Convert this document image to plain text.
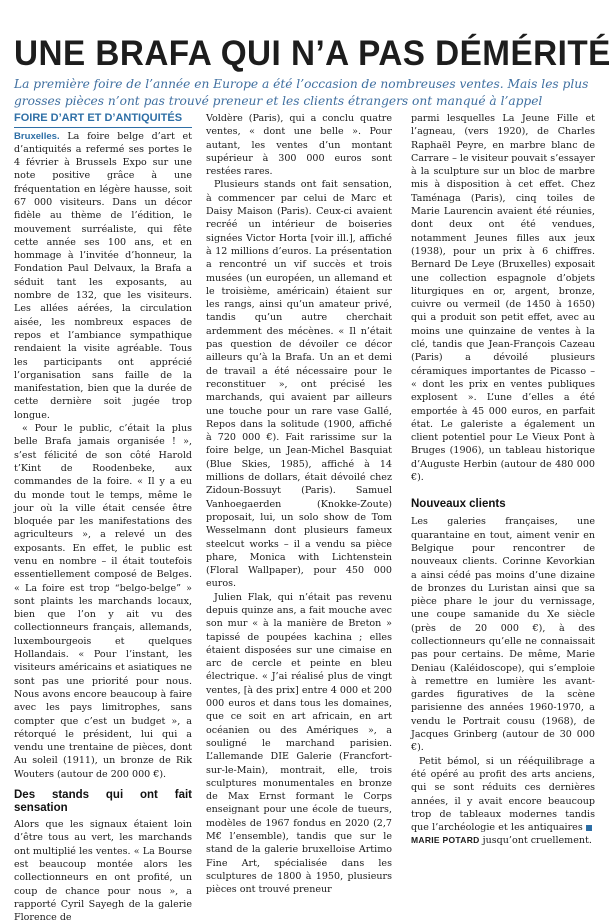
UNE BRAFA QUI N’A PAS DÉMÉRITÉ

La première foire de l’année en Europe a été l’occasion de nombreuses ventes. Mais les plus grosses pièces n’ont pas trouvé preneur et les clients étrangers ont manqué à l’appel

FOIRE D’ART ET D’ANTIQUITÉS

Bruxelles. La foire belge d’art et d’antiquités a refermé ses portes le 4 février à Brussels Expo sur une note positive grâce à une fréquentation en légère hausse, soit 67 000 visiteurs. Dans un décor fidèle au thème de l’édition, le mouvement surréaliste, qui fête cette année ses 100 ans, et en hommage à l’invitée d’honneur, la Fondation Paul Delvaux, la Brafa a séduit tant les exposants, au nombre de 132, que les visiteurs. Les allées aérées, la circulation aisée, les nombreux espaces de repos et l’ambiance sympathique rendaient la visite agréable. Tous les participants ont apprécié l’organisation sans faille de la manifestation, bien que la durée de cette dernière soit jugée trop longue.

« Pour le public, c’était la plus belle Brafa jamais organisée ! », s’est félicité de son côté Harold t’Kint de Roodenbeke, aux commandes de la foire. « Il y a eu du monde tout le temps, même le jour où la ville était censée être bloquée par les manifestations des agriculteurs », a relevé un des exposants. En effet, le public est venu en nombre – il était toutefois essentiellement composé de Belges. « La foire est trop “belgo-belge” » sont plaints les marchands locaux, bien que l’on y ait vu des collectionneurs français, allemands, luxembourgeois et quelques Hollandais. « Pour l’instant, les visiteurs américains et asiatiques ne sont pas une priorité pour nous. Nous avons encore beaucoup à faire avec les pays limitrophes, sans compter que c’est un budget », a rétorqué le président, lui qui a vendu une trentaine de pièces, dont Au soleil (1911), un bronze de Rik Wouters (autour de 200 000 €).

Des stands qui ont fait sensation

Alors que les signaux étaient loin d’être tous au vert, les marchands ont multiplié les ventes. « La Bourse est beaucoup montée alors les collectionneurs en ont profité, un coup de chance pour nous », a rapporté Cyril Sayegh de la galerie Florence de

Voldère (Paris), qui a conclu quatre ventes, « dont une belle ». Pour autant, les ventes d’un montant supérieur à 300 000 euros sont restées rares.

Plusieurs stands ont fait sensation, à commencer par celui de Marc et Daisy Maison (Paris). Ceux-ci avaient recréé un intérieur de boiseries signées Victor Horta [voir ill.], affiché à 12 millions d’euros. La présentation a rencontré un vif succès et trois musées (un européen, un allemand et le troisième, américain) étaient sur les rangs, ainsi qu’un amateur privé, tandis qu’un autre cherchait ardemment des mécènes. « Il n’était pas question de dévoiler ce décor ailleurs qu’à la Brafa. Un an et demi de travail a été nécessaire pour le reconstituer », ont précisé les marchands, qui avaient par ailleurs une touche pour un rare vase Gallé, Repos dans la solitude (1900, affiché à 720 000 €). Fait rarissime sur la foire belge, un Jean-Michel Basquiat (Blue Skies, 1985), affiché à 14 millions de dollars, était dévoilé chez Zidoun-Bossuyt (Paris). Samuel Vanhoegaerden (Knokke-Zoute) proposait, lui, un solo show de Tom Wesselmann dont plusieurs fameux steelcut works – il a vendu sa pièce phare, Monica with Lichtenstein (Floral Wallpaper), pour 450 000 euros.

Julien Flak, qui n’était pas revenu depuis quinze ans, a fait mouche avec son mur « à la manière de Breton » tapissé de poupées kachina ; elles étaient disposées sur une cimaise en arc de cercle et peinte en bleu électrique. « J’ai réalisé plus de vingt ventes, [à des prix] entre 4 000 et 200 000 euros et dans tous les domaines, que ce soit en art africain, en art océanien ou des Amériques », a souligné le marchand parisien. L’allemande DIE Galerie (Francfort-sur-le-Main), montrait, elle, trois sculptures monumentales en bronze de Max Ernst formant le Corps enseignant pour une école de tueurs, modèles de 1967 fondus en 2020 (2,7 M€ l’ensemble), tandis que sur le stand de la galerie bruxelloise Artimo Fine Art, spécialisée dans les sculptures de 1800 à 1950, plusieurs pièces ont trouvé preneur

parmi lesquelles La Jeune Fille et l’agneau, (vers 1920), de Charles Raphaël Peyre, en marbre blanc de Carrare – le visiteur pouvait s’essayer à la sculpture sur un bloc de marbre mis à disposition à cet effet. Chez Taménaga (Paris), cinq toiles de Marie Laurencin avaient été réunies, dont deux ont été vendues, notamment Jeunes filles aux jeux (1938), pour un prix à 6 chiffres. Bernard De Leye (Bruxelles) exposait une collection espagnole d’objets liturgiques en or, argent, bronze, cuivre ou vermeil (de 1450 à 1650) qui a produit son petit effet, avec au moins une quinzaine de ventes à la clé, tandis que Jean-François Cazeau (Paris) a dévoilé plusieurs céramiques importantes de Picasso – « dont les prix en ventes publiques explosent ». L’une d’elles a été emportée à 45 000 euros, en parfait état. Le galeriste a également un client potentiel pour Le Vieux Pont à Bruges (1906), un tableau historique d’Auguste Herbin (autour de 480 000 €).

Nouveaux clients

Les galeries françaises, une quarantaine en tout, aiment venir en Belgique pour rencontrer de nouveaux clients. Corinne Kevorkian a ainsi cédé pas moins d’une dizaine de bronzes du Luristan ainsi que sa pièce phare le jour du vernissage, une coupe samanide du Xe siècle (près de 20 000 €), à des collectionneurs qu’elle ne connaissait pas pour certains. De même, Marie Deniau (Kaléidoscope), qui s’emploie à remettre en lumière les avant-gardes figuratives de la scène parisienne des années 1960-1970, a vendu le Portrait cousu (1968), de Jacques Grinberg (autour de 30 000 €).

Petit bémol, si un rééquilibrage a été opéré au profit des arts anciens, qui se sont réduits ces dernières années, il y avait encore beaucoup trop de tableaux modernes tandis que l’archéologie et les antiquaires MARIE POTARD jusqu’ont cruellement.
